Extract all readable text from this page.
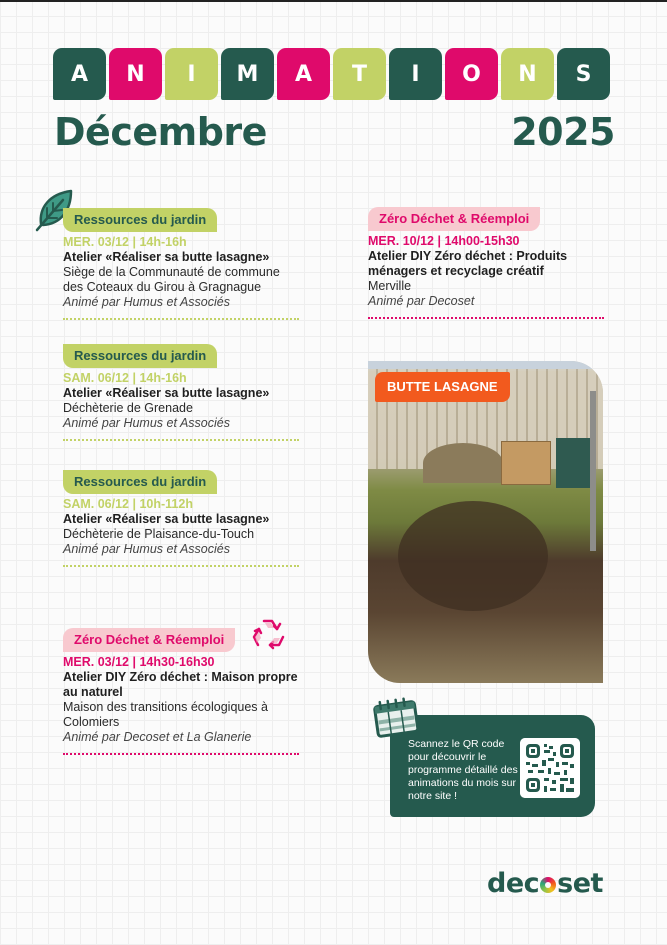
A	N	I	M	A	T	I	O	N	S
Décembre	2025
Ressources du jardin
MER. 03/12 | 14h-16h
Atelier «Réaliser sa butte lasagne»
Siège de la Communauté de commune des Coteaux du Girou à Gragnague
Animé par Humus et Associés
Ressources du jardin
SAM. 06/12 | 14h-16h
Atelier «Réaliser sa butte lasagne»
Déchèterie de Grenade
Animé par Humus et Associés
Ressources du jardin
SAM. 06/12 | 10h-112h
Atelier «Réaliser sa butte lasagne»
Déchèterie de Plaisance-du-Touch
Animé par Humus et Associés
Zéro Déchet & Réemploi
MER. 03/12 | 14h30-16h30
Atelier DIY Zéro déchet : Maison propre au naturel
Maison des transitions écologiques à Colomiers
Animé par Decoset et La Glanerie
Zéro Déchet & Réemploi
MER. 10/12 | 14h00-15h30
Atelier DIY Zéro déchet : Produits ménagers et recyclage créatif
Merville
Animé par Decoset
BUTTE LASAGNE
Scannez le QR code pour découvrir le programme détaillé des animations du mois sur notre site !
dec set
